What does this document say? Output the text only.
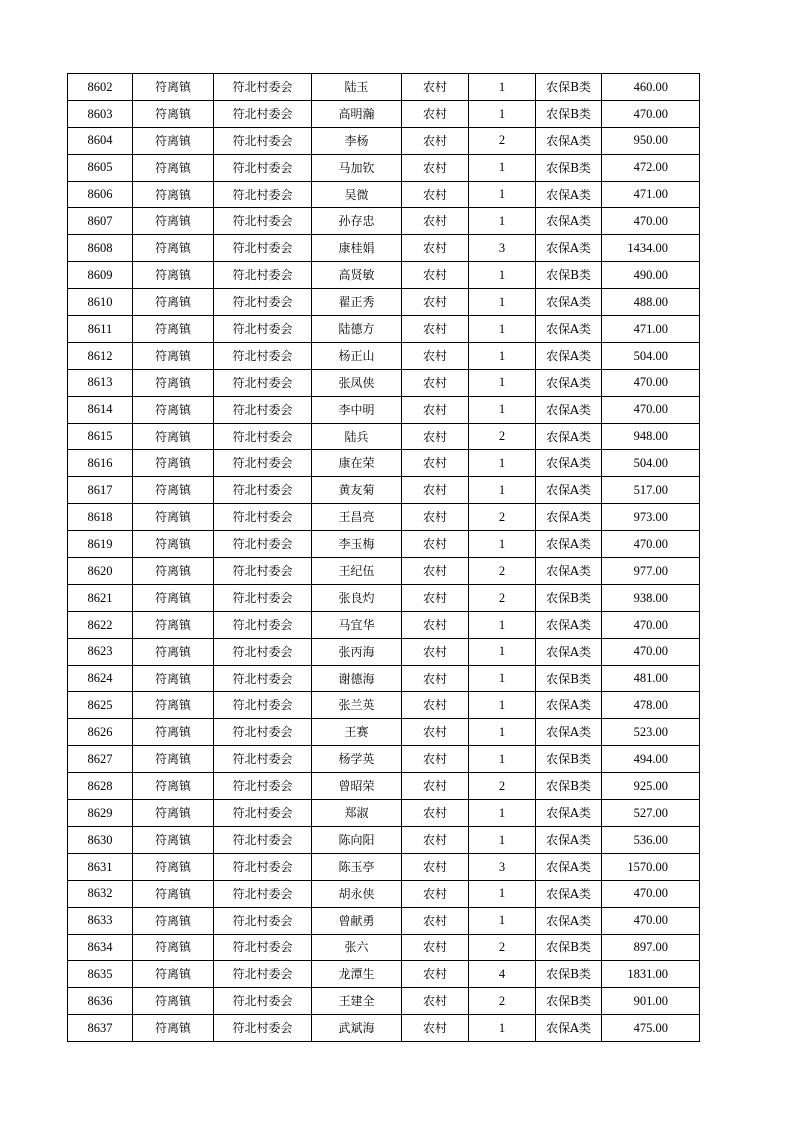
8602	符离镇	符北村委会	陆玉	农村	1	农保B类	460.00
8603	符离镇	符北村委会	高明瀚	农村	1	农保B类	470.00
8604	符离镇	符北村委会	李杨	农村	2	农保A类	950.00
8605	符离镇	符北村委会	马加钦	农村	1	农保B类	472.00
8606	符离镇	符北村委会	吴微	农村	1	农保A类	471.00
8607	符离镇	符北村委会	孙存忠	农村	1	农保A类	470.00
8608	符离镇	符北村委会	康桂娟	农村	3	农保A类	1434.00
8609	符离镇	符北村委会	高贤敏	农村	1	农保B类	490.00
8610	符离镇	符北村委会	翟正秀	农村	1	农保A类	488.00
8611	符离镇	符北村委会	陆德方	农村	1	农保A类	471.00
8612	符离镇	符北村委会	杨正山	农村	1	农保A类	504.00
8613	符离镇	符北村委会	张凤侠	农村	1	农保A类	470.00
8614	符离镇	符北村委会	李中明	农村	1	农保A类	470.00
8615	符离镇	符北村委会	陆兵	农村	2	农保A类	948.00
8616	符离镇	符北村委会	康在荣	农村	1	农保A类	504.00
8617	符离镇	符北村委会	黄友菊	农村	1	农保A类	517.00
8618	符离镇	符北村委会	王昌亮	农村	2	农保A类	973.00
8619	符离镇	符北村委会	李玉梅	农村	1	农保A类	470.00
8620	符离镇	符北村委会	王纪伍	农村	2	农保A类	977.00
8621	符离镇	符北村委会	张良灼	农村	2	农保B类	938.00
8622	符离镇	符北村委会	马宜华	农村	1	农保A类	470.00
8623	符离镇	符北村委会	张丙海	农村	1	农保A类	470.00
8624	符离镇	符北村委会	谢德海	农村	1	农保B类	481.00
8625	符离镇	符北村委会	张兰英	农村	1	农保A类	478.00
8626	符离镇	符北村委会	王赛	农村	1	农保A类	523.00
8627	符离镇	符北村委会	杨学英	农村	1	农保B类	494.00
8628	符离镇	符北村委会	曾昭荣	农村	2	农保B类	925.00
8629	符离镇	符北村委会	郑淑	农村	1	农保A类	527.00
8630	符离镇	符北村委会	陈向阳	农村	1	农保A类	536.00
8631	符离镇	符北村委会	陈玉亭	农村	3	农保A类	1570.00
8632	符离镇	符北村委会	胡永侠	农村	1	农保A类	470.00
8633	符离镇	符北村委会	曾献勇	农村	1	农保A类	470.00
8634	符离镇	符北村委会	张六	农村	2	农保B类	897.00
8635	符离镇	符北村委会	龙潭生	农村	4	农保B类	1831.00
8636	符离镇	符北村委会	王建全	农村	2	农保B类	901.00
8637	符离镇	符北村委会	武斌海	农村	1	农保A类	475.00
